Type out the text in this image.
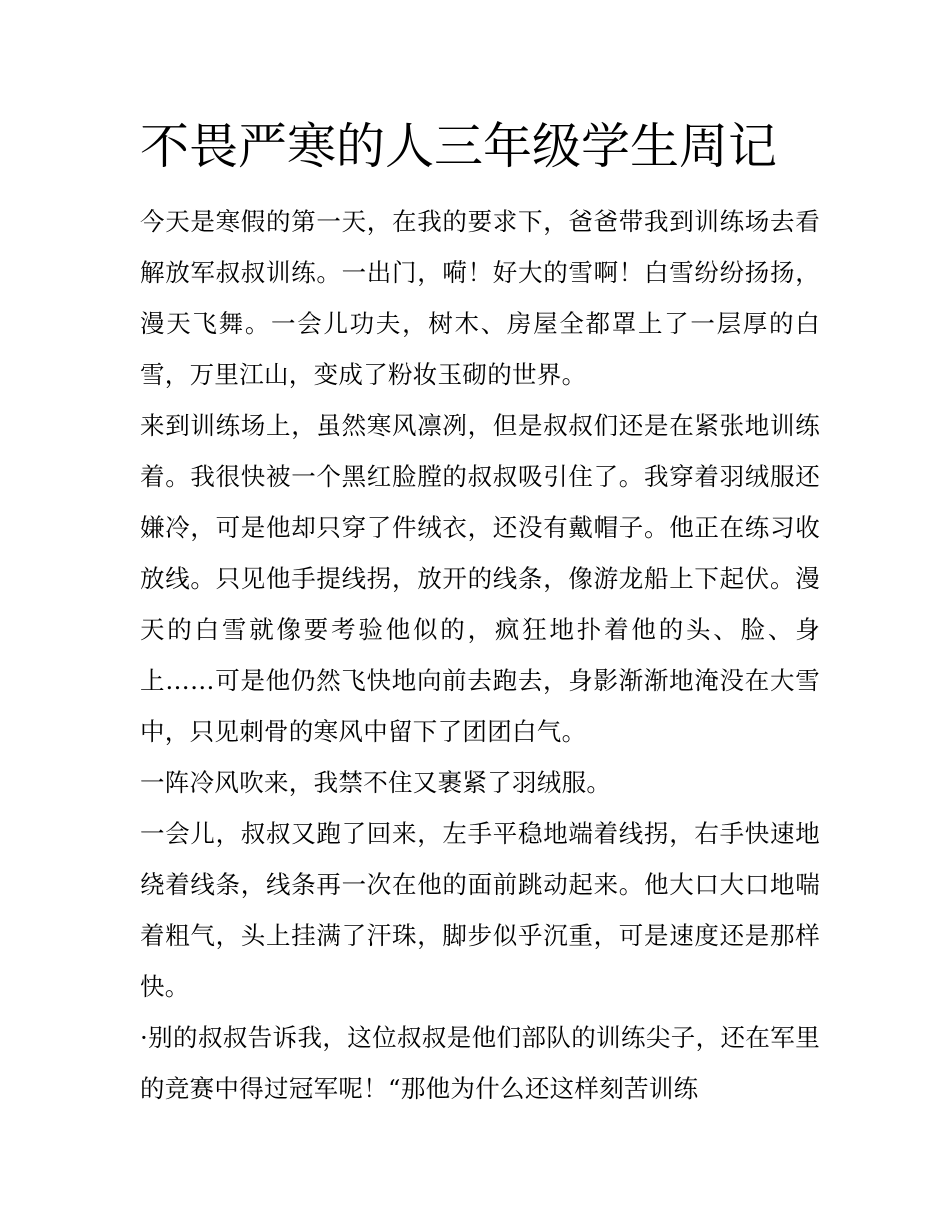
不畏严寒的人三年级学生周记

今天是寒假的第一天，在我的要求下，爸爸带我到训练场去看解放军叔叔训练。一出门，嗬！好大的雪啊！白雪纷纷扬扬，漫天飞舞。一会儿功夫，树木、房屋全都罩上了一层厚的白雪，万里江山，变成了粉妆玉砌的世界。

来到训练场上，虽然寒风凛冽，但是叔叔们还是在紧张地训练着。我很快被一个黑红脸膛的叔叔吸引住了。我穿着羽绒服还嫌冷，可是他却只穿了件绒衣，还没有戴帽子。他正在练习收放线。只见他手提线拐，放开的线条，像游龙船上下起伏。漫天的白雪就像要考验他似的，疯狂地扑着他的头、脸、身上……可是他仍然飞快地向前去跑去，身影渐渐地淹没在大雪中，只见刺骨的寒风中留下了团团白气。

一阵冷风吹来，我禁不住又裹紧了羽绒服。

一会儿，叔叔又跑了回来，左手平稳地端着线拐，右手快速地绕着线条，线条再一次在他的面前跳动起来。他大口大口地喘着粗气，头上挂满了汗珠，脚步似乎沉重，可是速度还是那样快。

·别的叔叔告诉我，这位叔叔是他们部队的训练尖子，还在军里的竞赛中得过冠军呢！“那他为什么还这样刻苦训练
